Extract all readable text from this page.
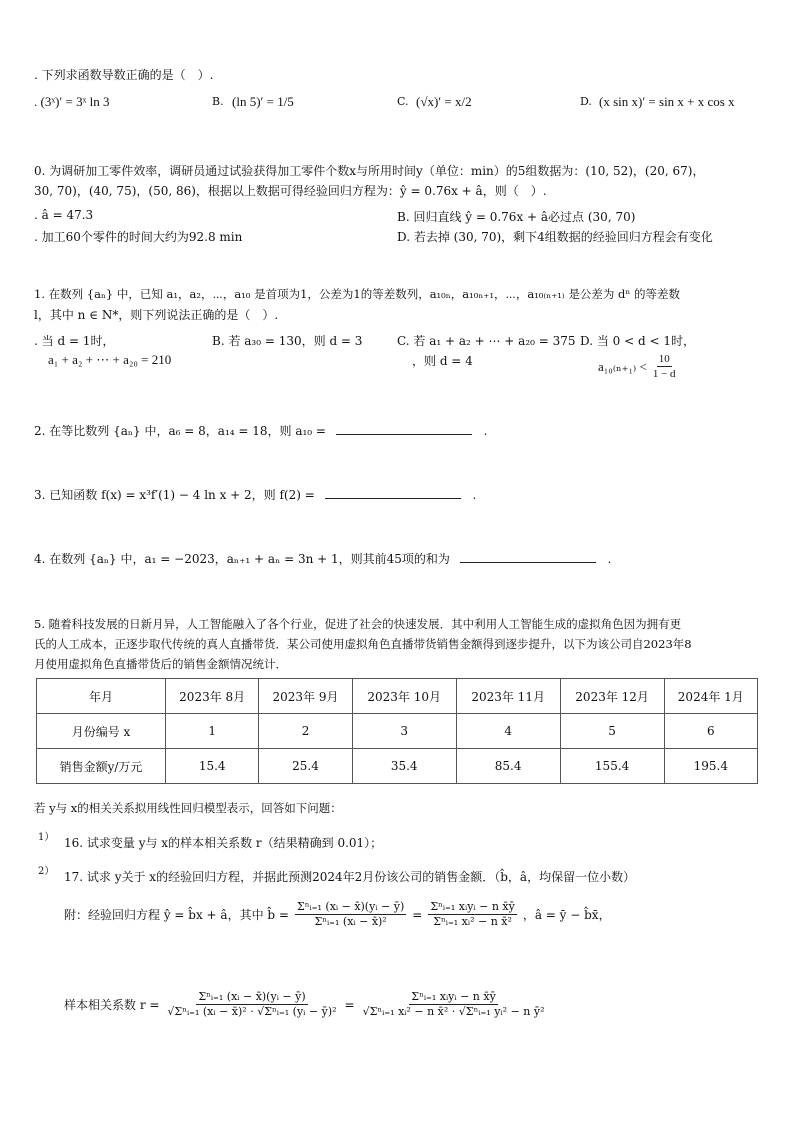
. 下列求函数导数正确的是（　）.
. (3ˣ)′ = 3ˣ ln 3	B. (ln 5)′ = 1/5	C. (√x)′ = x/2	D. (x sin x)′ = sin x + x cos x
0. 为调研加工零件效率，调研员通过试验获得加工零件个数x与所用时间y（单位：min）的5组数据为：(10, 52)，(20, 67)，
30, 70)，(40, 75)，(50, 86)，根据以上数据可得经验回归方程为：ŷ = 0.76x + â，则（　）.
. â = 47.3	B. 回归直线 ŷ = 0.76x + â必过点 (30, 70)
. 加工60个零件的时间大约为92.8 min	D. 若去掉 (30, 70)，剩下4组数据的经验回归方程会有变化
1. 在数列 {aₙ} 中，已知 a₁，a₂，⋯，a₁₀ 是首项为1，公差为1的等差数列，a₁₀ₙ，a₁₀ₙ₊₁，⋯，a₁₀₍ₙ₊₁₎ 是公差为 dⁿ 的等差数
l，其中 n ∈ N*，则下列说法正确的是（　）.
. 当 d = 1时，
a₁ + a₂ + ⋯ + a₂₀ = 210
B. 若 a₃₀ = 130，则 d = 3	C. 若 a₁ + a₂ + ⋯ + a₂₀ = 375
，则 d = 4
D. 当 0 < d < 1时，
$a_{10(n+1)} < \frac{10}{1 - d}$
2. 在等比数列 {aₙ} 中，a₆ = 8，a₁₄ = 18，则 a₁₀ =	.
3. 已知函数 f(x) = x³f′(1) − 4 ln x + 2，则 f(2) =	.
4. 在数列 {aₙ} 中，a₁ = −2023，aₙ₊₁ + aₙ = 3n + 1，则其前45项的和为	.
5. 随着科技发展的日新月异，人工智能融入了各个行业，促进了社会的快速发展．其中利用人工智能生成的虚拟角色因为拥有更
氏的人工成本，正逐步取代传统的真人直播带货．某公司使用虚拟角色直播带货销售金额得到逐步提升，以下为该公司自2023年8
月使用虚拟角色直播带货后的销售金额情况统计．
年月	2023年 8月	2023年 9月	2023年 10月	2023年 11月	2023年 12月	2024年 1月
月份编号 x	1	2	3	4	5	6
销售金额y/万元	15.4	25.4	35.4	85.4	155.4	195.4
若 y与 x的相关关系拟用线性回归模型表示，回答如下问题：
1） 16. 试求变量 y与 x的样本相关系数 r（结果精确到 0.01）；
2） 17. 试求 y关于 x的经验回归方程，并据此预测2024年2月份该公司的销售金额．（b̂，â，均保留一位小数）
附：经验回归方程 ŷ = b̂x + â，其中 b̂ = $\frac{\text{Σⁿᵢ₌₁ (xᵢ − x̄)(yᵢ − ȳ)}}{\text{Σⁿᵢ₌₁ (xᵢ − x̄)²}} = \frac{\text{Σⁿᵢ₌₁ xᵢyᵢ − n x̄ȳ}}{\text{Σⁿᵢ₌₁ xᵢ² − n x̄²}}$ ，â = ȳ − b̂x̄，
样本相关系数 $r = \frac{\text{Σⁿᵢ₌₁ (xᵢ − x̄)(yᵢ − ȳ)}}{\text{√Σⁿᵢ₌₁ (xᵢ − x̄)² · √Σⁿᵢ₌₁ (yᵢ − ȳ)²}} = \frac{\text{Σⁿᵢ₌₁ xᵢyᵢ − n x̄ȳ}}{\text{√Σⁿᵢ₌₁ xᵢ² − n x̄² · √Σⁿᵢ₌₁ yᵢ² − n ȳ²}}$
